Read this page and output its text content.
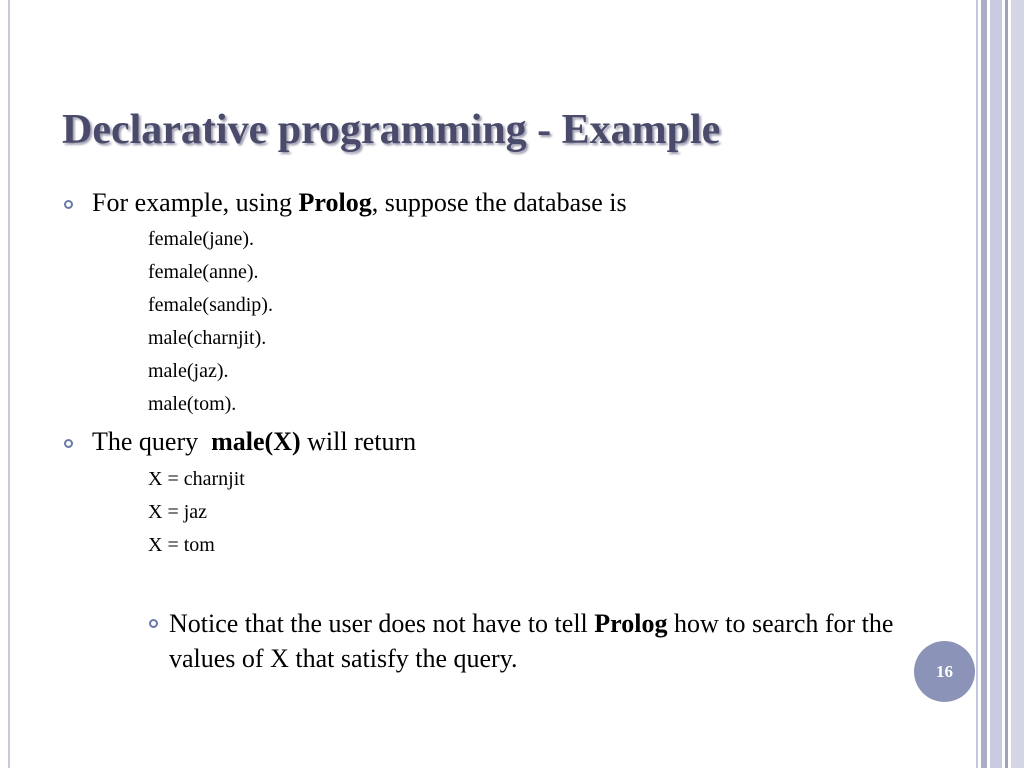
Declarative programming - Example
For example, using Prolog, suppose the database is
female(jane).
female(anne).
female(sandip).
male(charnjit).
male(jaz).
male(tom).
The query  male(X) will return
X = charnjit
X = jaz
X = tom
Notice that the user does not have to tell Prolog how to search for the values of X that satisfy the query.	16
